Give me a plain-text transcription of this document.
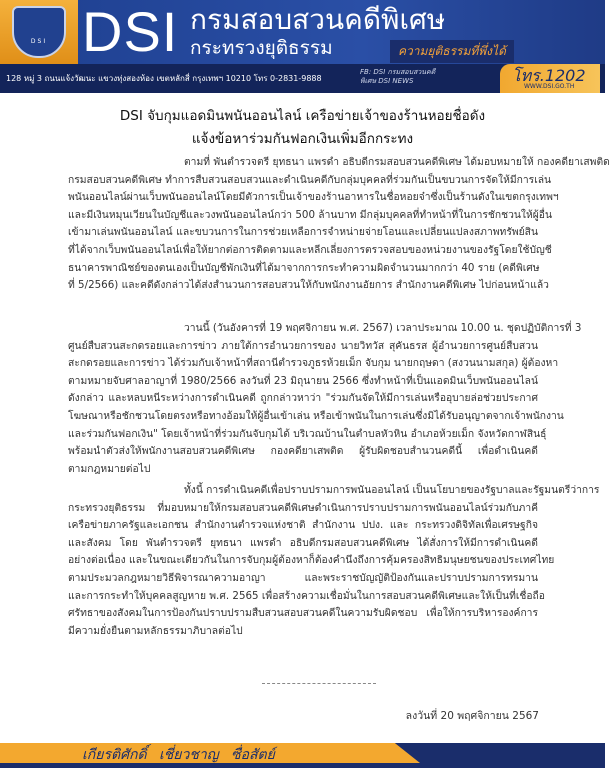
DSI DSI กรมสอบสวนคดีพิเศษ
กระทรวงยุติธรรม	ความยุติธรรมที่พึ่งได้
128 หมู่ 3 ถนนแจ้งวัฒนะ แขวงทุ่งสองห้อง เขตหลักสี่ กรุงเทพฯ 10210 โทร 0-2831-9888
FB: DSI กรมสอบสวนคดีพิเศษ DSI NEWS	โทร.1202
WWW.DSI.GO.TH
DSI จับกุมแอดมินพนันออนไลน์ เครือข่ายเจ้าของร้านหอยชื่อดัง
แจ้งข้อหาร่วมกันฟอกเงินเพิ่มอีกกระทง
ตามที่ พันตำรวจตรี ยุทธนา แพรดำ อธิบดีกรมสอบสวนคดีพิเศษ ได้มอบหมายให้ กองคดียาเสพติด
กรมสอบสวนคดีพิเศษ ทำการสืบสวนสอบสวนและดำเนินคดีกับกลุ่มบุคคลที่ร่วมกันเป็นขบวนการจัดให้มีการเล่น
พนันออนไลน์ผ่านเว็บพนันออนไลน์โดยมีตัวการเป็นเจ้าของร้านอาหารในชื่อหอยจ๋าซึ่งเป็นร้านดังในเขตกรุงเทพฯ
และมีเงินหมุนเวียนในบัญชีและวงพนันออนไลน์กว่า 500 ล้านบาท มีกลุ่มบุคคลที่ทำหน้าที่ในการชักชวนให้ผู้อื่น
เข้ามาเล่นพนันออนไลน์ และขบวนการในการช่วยเหลือการจำหน่ายจ่ายโอนและเปลี่ยนแปลงสภาพทรัพย์สิน
ที่ได้จากเว็บพนันออนไลน์เพื่อให้ยากต่อการติดตามและหลีกเลี่ยงการตรวจสอบของหน่วยงานของรัฐโดยใช้บัญชี
ธนาคารพาณิชย์ของตนเองเป็นบัญชีพักเงินที่ได้มาจากการกระทำความผิดจำนวนมากกว่า 40 ราย (คดีพิเศษ
ที่ 5/2566) และคดีดังกล่าวได้ส่งสำนวนการสอบสวนให้กับพนักงานอัยการ สำนักงานคดีพิเศษ ไปก่อนหน้าแล้ว
วานนี้ (วันอังคารที่ 19 พฤศจิกายน พ.ศ. 2567) เวลาประมาณ 10.00 น. ชุดปฏิบัติการที่ 3
ศูนย์สืบสวนสะกดรอยและการข่าว ภายใต้การอำนวยการของ นายวิทวัส สุคันธรส ผู้อำนวยการศูนย์สืบสวน
สะกดรอยและการข่าว ได้ร่วมกับเจ้าหน้าที่สถานีตำรวจภูธรห้วยเม็ก จับกุม นายกฤษดา (สงวนนามสกุล) ผู้ต้องหา
ตามหมายจับศาลอาญาที่ 1980/2566 ลงวันที่ 23 มิถุนายน 2566 ซึ่งทำหน้าที่เป็นแอดมินเว็บพนันออนไลน์
ดังกล่าว และหลบหนีระหว่างการดำเนินคดี ถูกกล่าวหาว่า "ร่วมกันจัดให้มีการเล่นหรืออุบายล่อช่วยประกาศ
โฆษณาหรือชักชวนโดยตรงหรือทางอ้อมให้ผู้อื่นเข้าเล่น หรือเข้าพนันในการเล่นซึ่งมิได้รับอนุญาตจากเจ้าพนักงาน
และร่วมกันฟอกเงิน" โดยเจ้าหน้าที่ร่วมกันจับกุมได้ บริเวณบ้านในตำบลหัวหิน อำเภอห้วยเม็ก จังหวัดกาฬสินธุ์
พร้อมนำตัวส่งให้พนักงานสอบสวนคดีพิเศษ กองคดียาเสพติด ผู้รับผิดชอบสำนวนคดีนี้ เพื่อดำเนินคดี
ตามกฎหมายต่อไป
ทั้งนี้ การดำเนินคดีเพื่อปราบปรามการพนันออนไลน์ เป็นนโยบายของรัฐบาลและรัฐมนตรีว่าการ
กระทรวงยุติธรรม ที่มอบหมายให้กรมสอบสวนคดีพิเศษดำเนินการปราบปรามการพนันออนไลน์ร่วมกับภาคี
เครือข่ายภาครัฐและเอกชน สำนักงานตำรวจแห่งชาติ สำนักงาน ปปง. และ กระทรวงดิจิทัลเพื่อเศรษฐกิจ
และสังคม โดย พันตำรวจตรี ยุทธนา แพรดำ อธิบดีกรมสอบสวนคดีพิเศษ ได้สั่งการให้มีการดำเนินคดี
อย่างต่อเนื่อง และในขณะเดียวกันในการจับกุมผู้ต้องหาก็ต้องคำนึงถึงการคุ้มครองสิทธิมนุษยชนของประเทศไทย
ตามประมวลกฎหมายวิธีพิจารณาความอาญา และพระราชบัญญัติป้องกันและปราบปรามการทรมาน
และการกระทำให้บุคคลสูญหาย พ.ศ. 2565 เพื่อสร้างความเชื่อมั่นในการสอบสวนคดีพิเศษและให้เป็นที่เชื่อถือ
ศรัทธาของสังคมในการป้องกันปราบปรามสืบสวนสอบสวนคดีในความรับผิดชอบ เพื่อให้การบริหารองค์การ
มีความยั่งยืนตามหลักธรรมาภิบาลต่อไป
ลงวันที่ 20 พฤศจิกายน 2567
เกียรติศักดิ์ เชี่ยวชาญ ซื่อสัตย์
